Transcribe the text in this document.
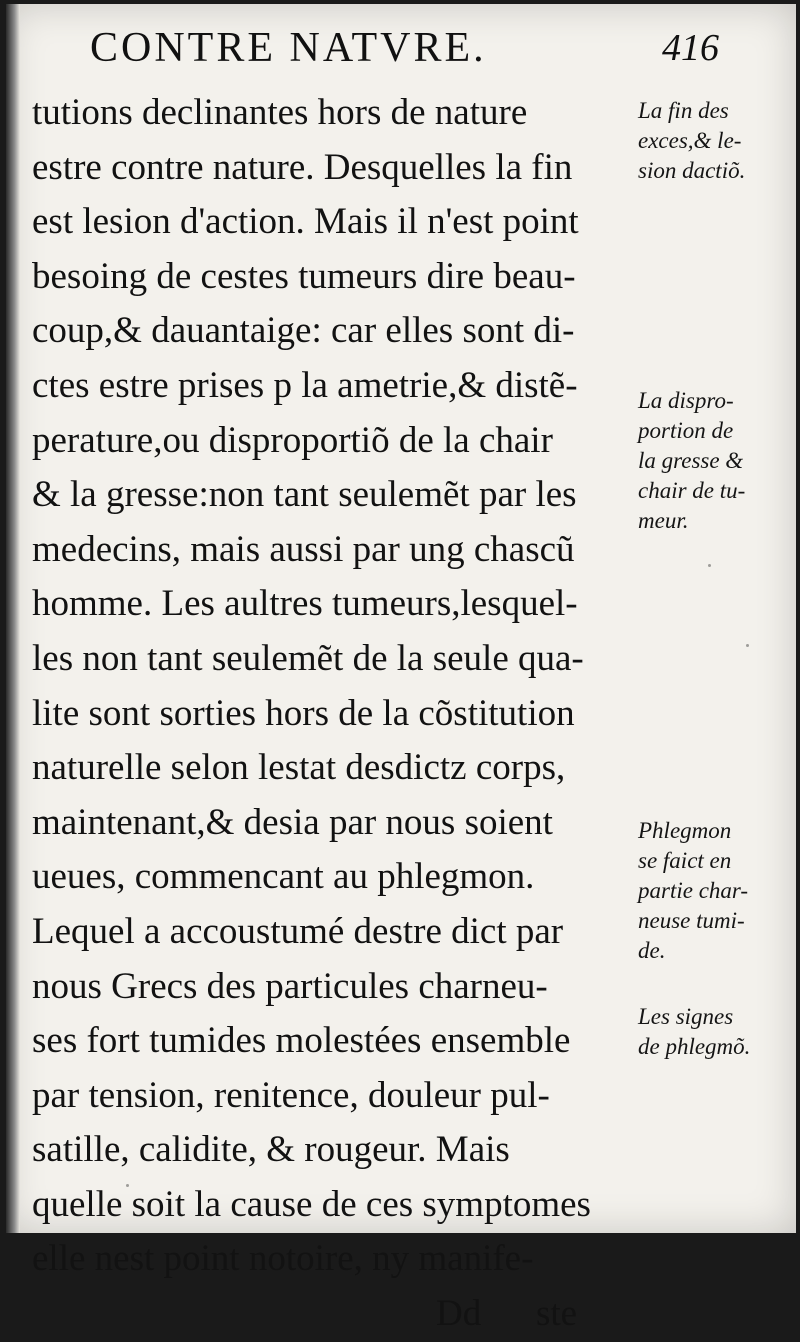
CONTRE NATVRE.	416
tutions declinantes hors de nature
estre contre nature. Desquelles la fin
est lesion d'action. Mais il n'est point
besoing de cestes tumeurs dire beau-
coup,& dauantaige: car elles sont di-
ctes estre prises p la ametrie,& distẽ-
perature,ou disproportiõ de la chair
& la gresse:non tant seulemẽt par les
medecins, mais aussi par ung chascũ
homme. Les aultres tumeurs,lesquel-
les non tant seulemẽt de la seule qua-
lite sont sorties hors de la cõstitution
naturelle selon lestat desdictz corps,
maintenant,& desia par nous soient
ueues, commencant au phlegmon.
Lequel a accoustumé destre dict par
nous Grecs des particules charneu-
ses fort tumides molestées ensemble
par tension, renitence, douleur pul-
satille, calidite, & rougeur. Mais
quelle soit la cause de ces symptomes
elle nest point notoire, ny manife-
Dd ste
La fin des
exces,& le-
sion dactiõ.
La dispro-
portion de
la gresse &
chair de tu-
meur.
Phlegmon
se faict en
partie char-
neuse tumi-
de.
Les signes
de phlegmõ.
